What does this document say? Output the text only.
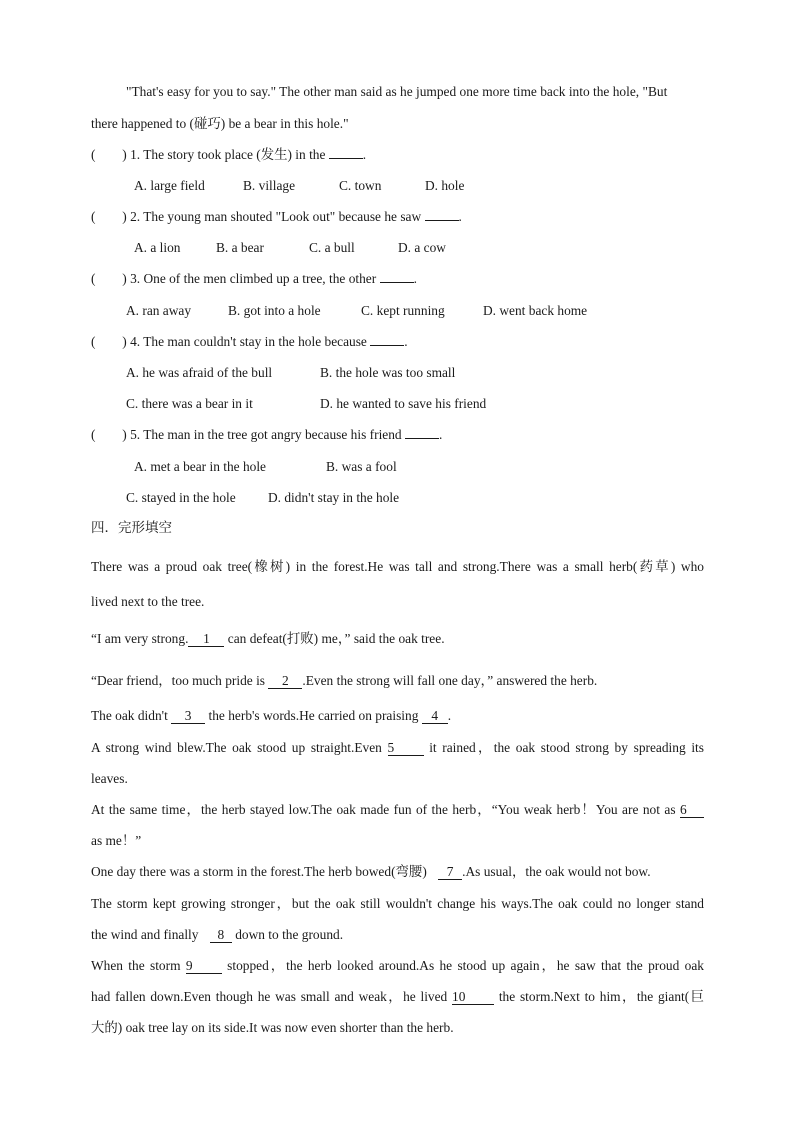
"That's easy for you to say." The other man said as he jumped one more time back into the hole, "But
there happened to (碰巧) be a bear in this hole."
(        ) 1. The story took place (发生) in the	.
A. large field	B. village	C. town	D. hole
(        ) 2. The young man shouted "Look out" because he saw	.
A. a lion	B. a bear	C. a bull	D. a cow
(        ) 3. One of the men climbed up a tree, the other	.
A. ran away	B. got into a hole	C. kept running	D. went back home
(        ) 4. The man couldn't stay in the hole because	.
A. he was afraid of the bull	B. the hole was too small
C. there was a bear in it	D. he wanted to save his friend
(        ) 5. The man in the tree got angry because his friend	.
A. met a bear in the hole	B. was a fool
C. stayed in the hole D. didn't stay in the hole
四．完形填空
There was a proud oak tree(橡树) in the forest.He was tall and strong.There was a small herb(药草) who
lived next to the tree.
“I am very strong. 1 can defeat(打败) me，” said the oak tree.
“Dear friend，too much pride is 2 .Even the strong will fall one day，” answered the herb.
The oak didn't 3 the herb's words.He carried on praising 4 .
A strong wind blew.The oak stood up straight.Even 5	it rained，the oak stood strong by spreading its
leaves.
At the same time，the herb stayed low.The oak made fun of the herb，“You weak herb！You are not as 6
as me！”
One day there was a storm in the forest.The herb bowed(弯腰) 7 .As usual，the oak would not bow.
The storm kept growing stronger，but the oak still wouldn't change his ways.The oak could no longer stand
the wind and finally 8 down to the ground.
When the storm 9	stopped，the herb looked around.As he stood up again，he saw that the proud oak
had fallen down.Even though he was small and weak，he lived 10 the storm.Next to him，the giant(巨
大的) oak tree lay on its side.It was now even shorter than the herb.
